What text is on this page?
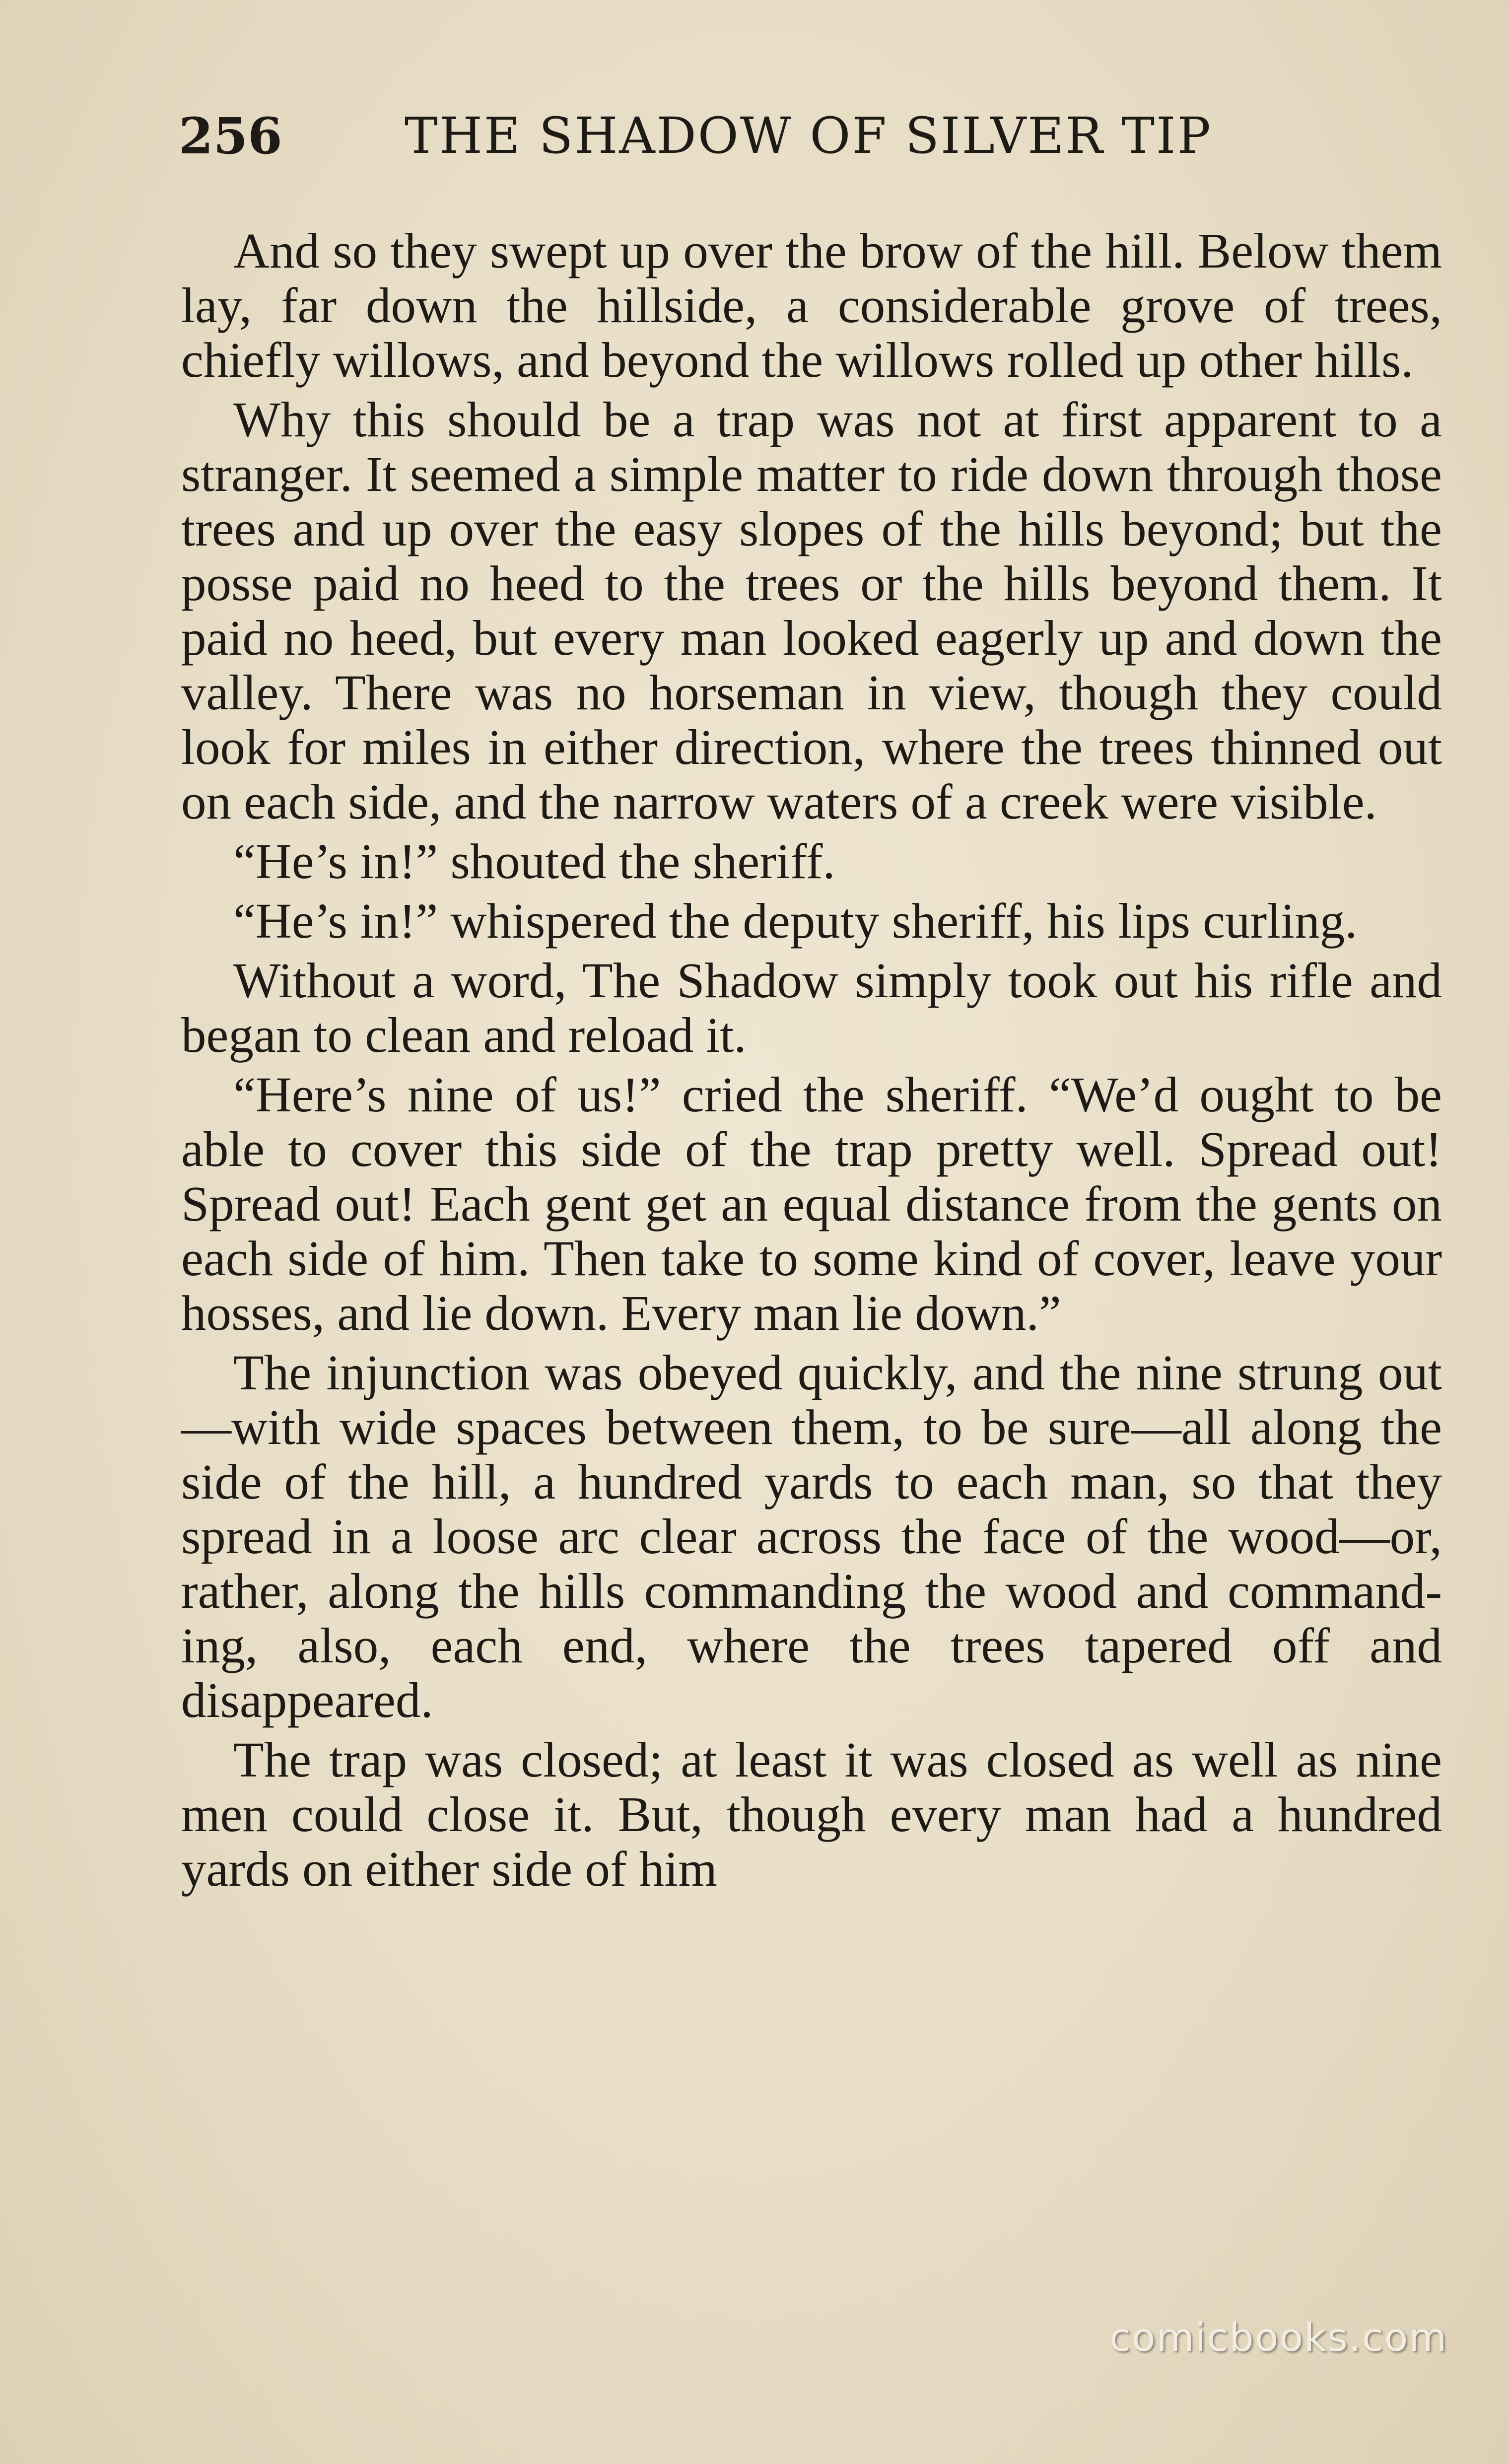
256 THE SHADOW OF SILVER TIP

And so they swept up over the brow of the hill. Below them lay, far down the hillside, a considerable grove of trees, chiefly willows, and beyond the willows rolled up other hills.

Why this should be a trap was not at first apparent to a stranger. It seemed a simple matter to ride down through those trees and up over the easy slopes of the hills beyond; but the posse paid no heed to the trees or the hills beyond them. It paid no heed, but every man looked eagerly up and down the valley. There was no horseman in view, though they could look for miles in either direction, where the trees thinned out on each side, and the narrow waters of a creek were visible.

“He’s in!” shouted the sheriff.

“He’s in!” whispered the deputy sheriff, his lips curling.

Without a word, The Shadow simply took out his rifle and began to clean and reload it.

“Here’s nine of us!” cried the sheriff. “We’d ought to be able to cover this side of the trap pretty well. Spread out! Spread out! Each gent get an equal distance from the gents on each side of him. Then take to some kind of cover, leave your hosses, and lie down. Every man lie down.”

The injunction was obeyed quickly, and the nine strung out—with wide spaces between them, to be sure—all along the side of the hill, a hundred yards to each man, so that they spread in a loose arc clear across the face of the wood—or, rather, along the hills commanding the wood and commanding, also, each end, where the trees tapered off and disappeared.

The trap was closed; at least it was closed as well as nine men could close it. But, though every man had a hundred yards on either side of him

comicbooks.com
